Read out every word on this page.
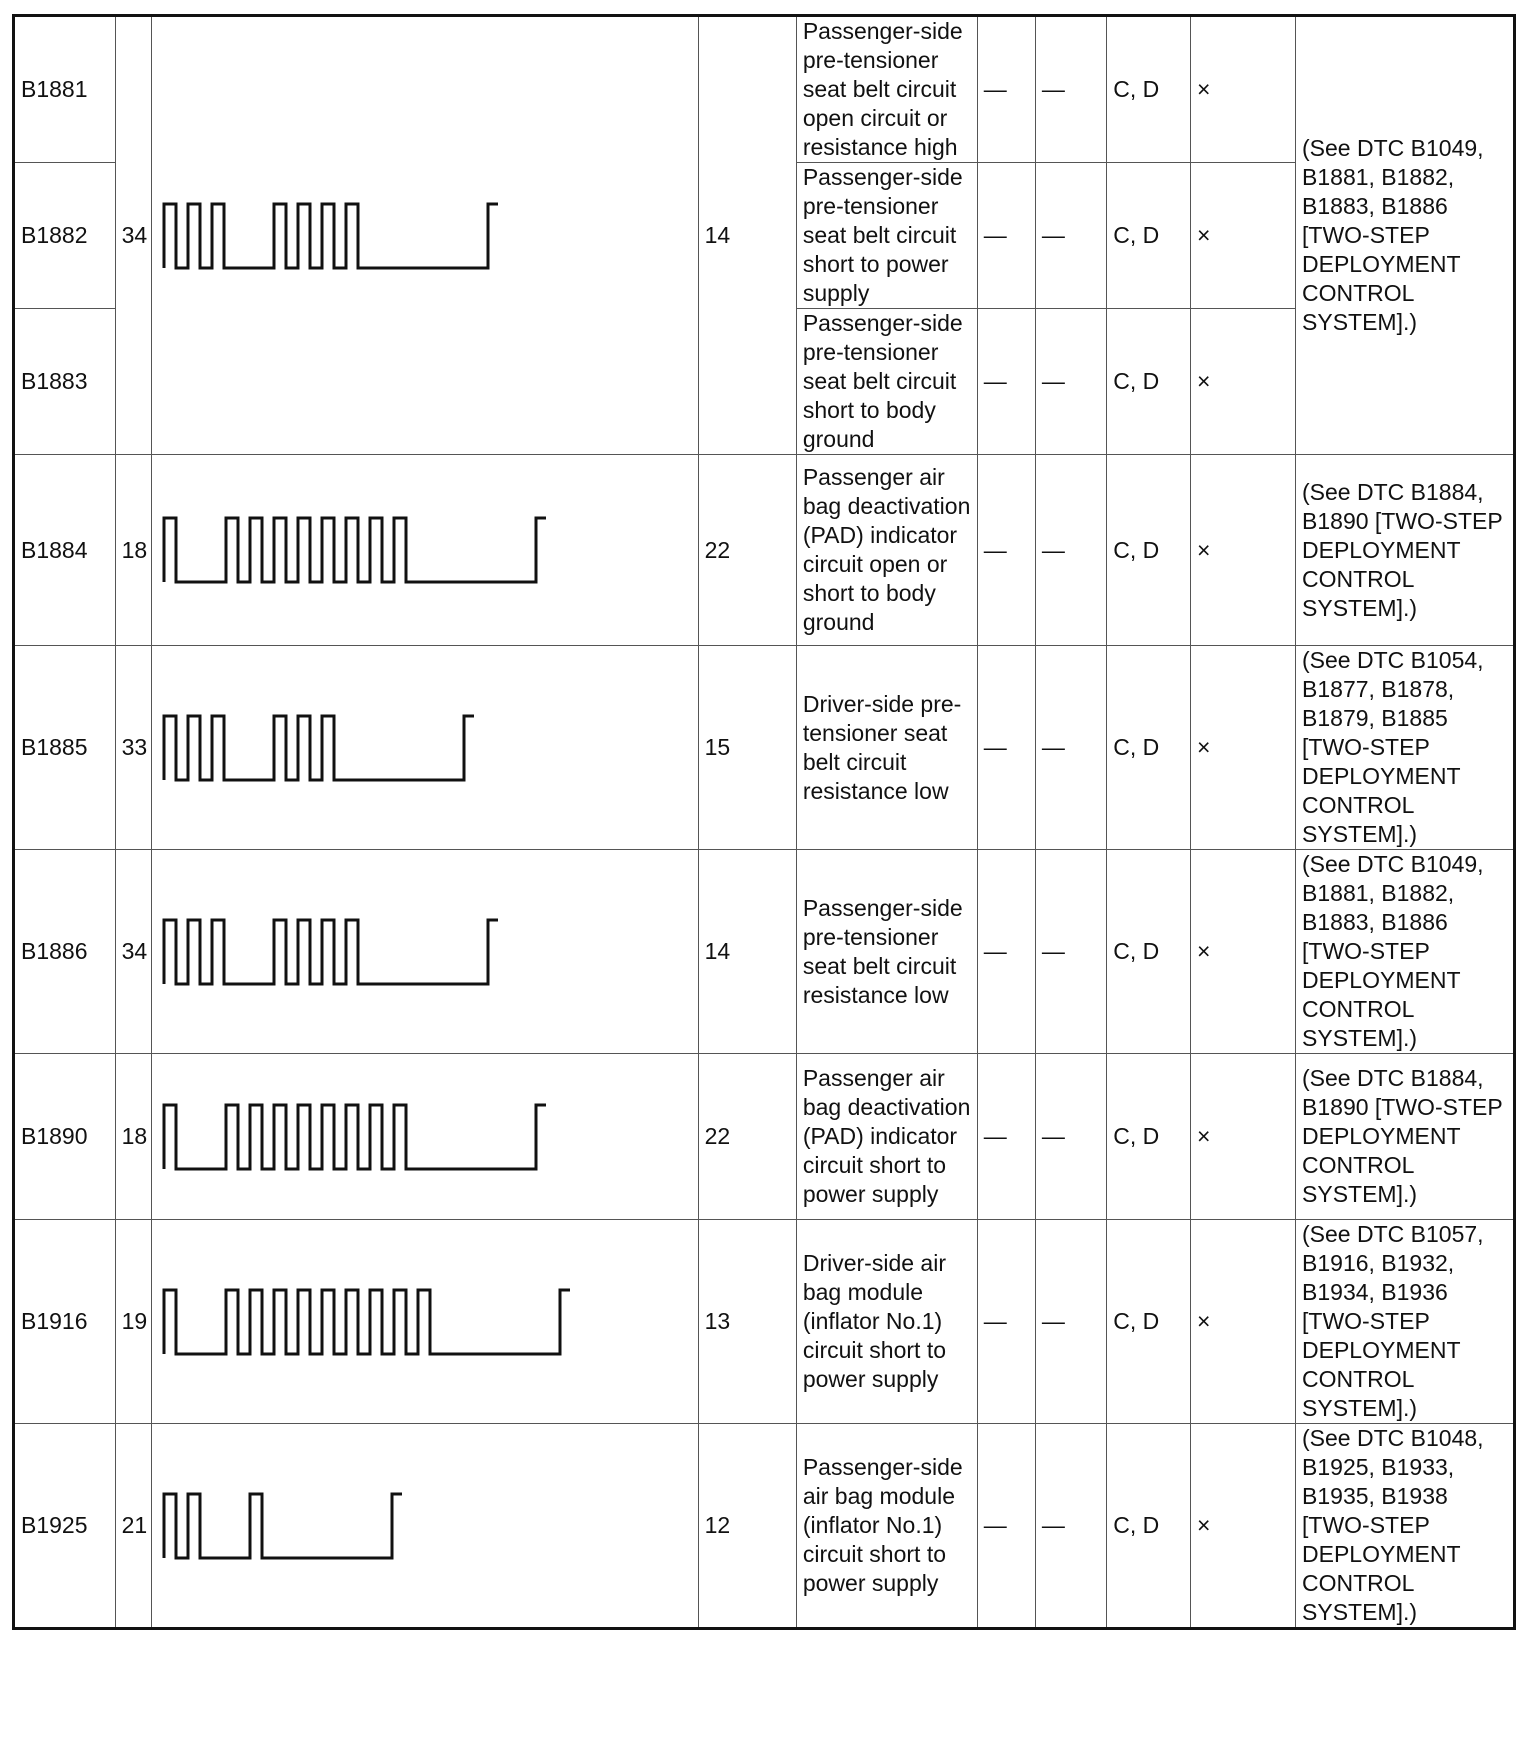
B1881	34		14	Passenger-side pre-tensioner seat belt circuit open circuit or resistance high	—	—	C, D	×	(See DTC B1049, B1881, B1882, B1883, B1886 [TWO-STEP DEPLOYMENT CONTROL SYSTEM].)
B1882				Passenger-side pre-tensioner seat belt circuit short to power supply	—	—	C, D	×	
B1883				Passenger-side pre-tensioner seat belt circuit short to body ground	—	—	C, D	×	
B1884	18		22	Passenger air bag deactivation (PAD) indicator circuit open or short to body ground	—	—	C, D	×	(See DTC B1884, B1890 [TWO-STEP DEPLOYMENT CONTROL SYSTEM].)
B1885	33		15	Driver-side pre-tensioner seat belt circuit resistance low	—	—	C, D	×	(See DTC B1054, B1877, B1878, B1879, B1885 [TWO-STEP DEPLOYMENT CONTROL SYSTEM].)
B1886	34		14	Passenger-side pre-tensioner seat belt circuit resistance low	—	—	C, D	×	(See DTC B1049, B1881, B1882, B1883, B1886 [TWO-STEP DEPLOYMENT CONTROL SYSTEM].)
B1890	18		22	Passenger air bag deactivation (PAD) indicator circuit short to power supply	—	—	C, D	×	(See DTC B1884, B1890 [TWO-STEP DEPLOYMENT CONTROL SYSTEM].)
B1916	19		13	Driver-side air bag module (inflator No.1) circuit short to power supply	—	—	C, D	×	(See DTC B1057, B1916, B1932, B1934, B1936 [TWO-STEP DEPLOYMENT CONTROL SYSTEM].)
B1925	21		12	Passenger-side air bag module (inflator No.1) circuit short to power supply	—	—	C, D	×	(See DTC B1048, B1925, B1933, B1935, B1938 [TWO-STEP DEPLOYMENT CONTROL SYSTEM].)
